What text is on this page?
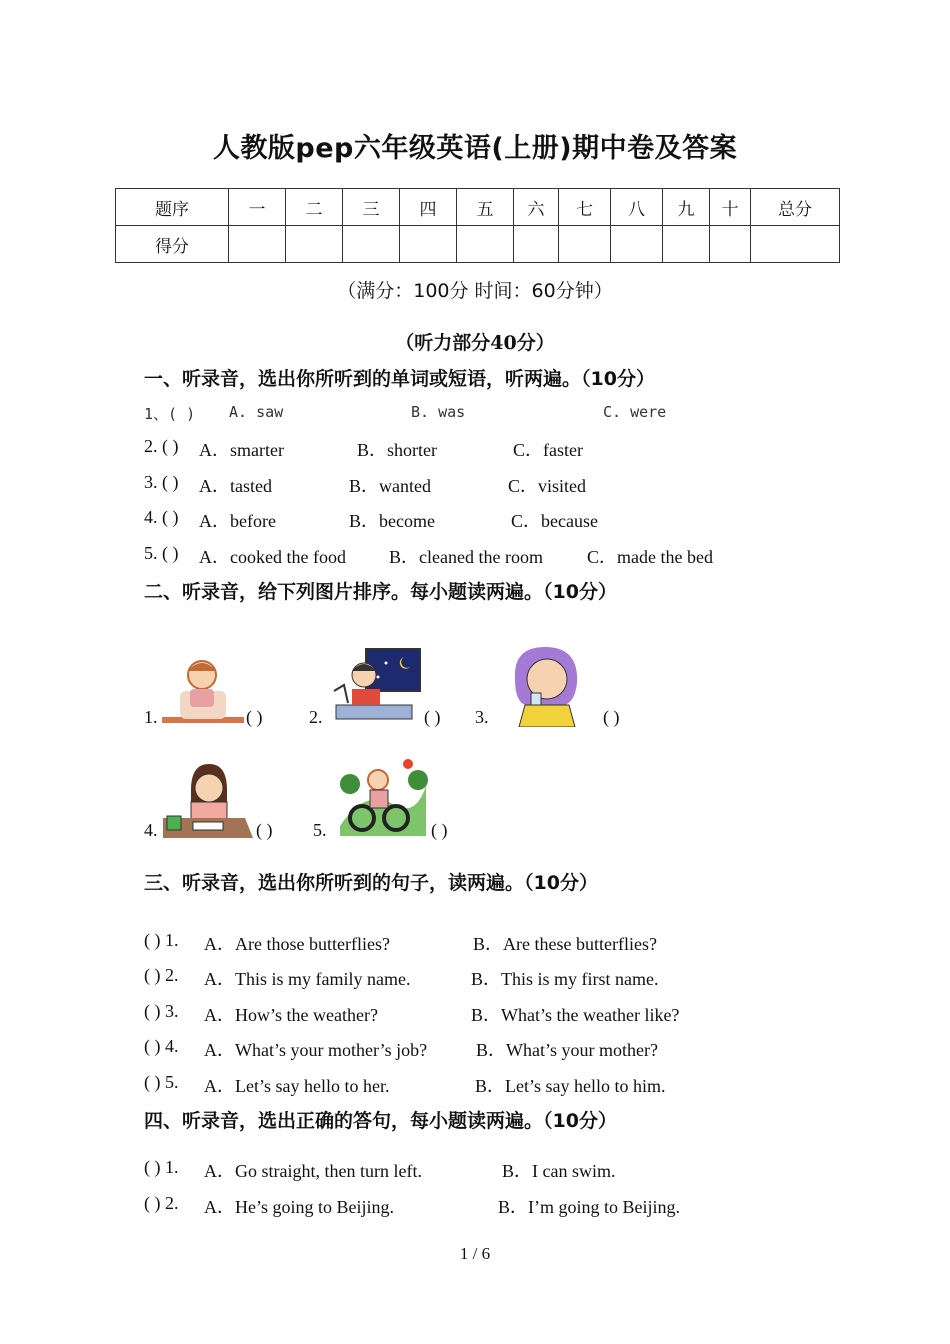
人教版pep六年级英语(上册)期中卷及答案
题序	一	二	三	四	五	六	七	八	九	十	总分
得分											
（满分：100分 时间：60分钟）
（听力部分40分）
一、听录音，选出你所听到的单词或短语，听两遍。（10分）
1、( ) A. saw	B. was	C. were
2. ( ) A．smarter	B．shorter	C．faster
3. ( ) A．tasted	B．wanted	C．visited
4. ( ) A．before	B．become	C．because
5. ( ) A．cooked the food B．cleaned the room C．made the bed
二、听录音，给下列图片排序。每小题读两遍。（10分）
1.	( )	2.	( ) 3.	( )
4.	( ) 5.	( )
三、听录音，选出你所听到的句子，读两遍。（10分）
( ) 1. A．Are those butterflies?	B．Are these butterflies?
( ) 2. A．This is my family name.	B．This is my first name.
( ) 3. A．How’s the weather?	B．What’s the weather like?
( ) 4. A．What’s your mother’s job?	B．What’s your mother?
( ) 5. A．Let’s say hello to her.	B．Let’s say hello to him.
四、听录音，选出正确的答句，每小题读两遍。（10分）
( ) 1. A．Go straight, then turn left.	B．I can swim.
( ) 2. A．He’s going to Beijing.	B．I’m going to Beijing.
1 / 6
